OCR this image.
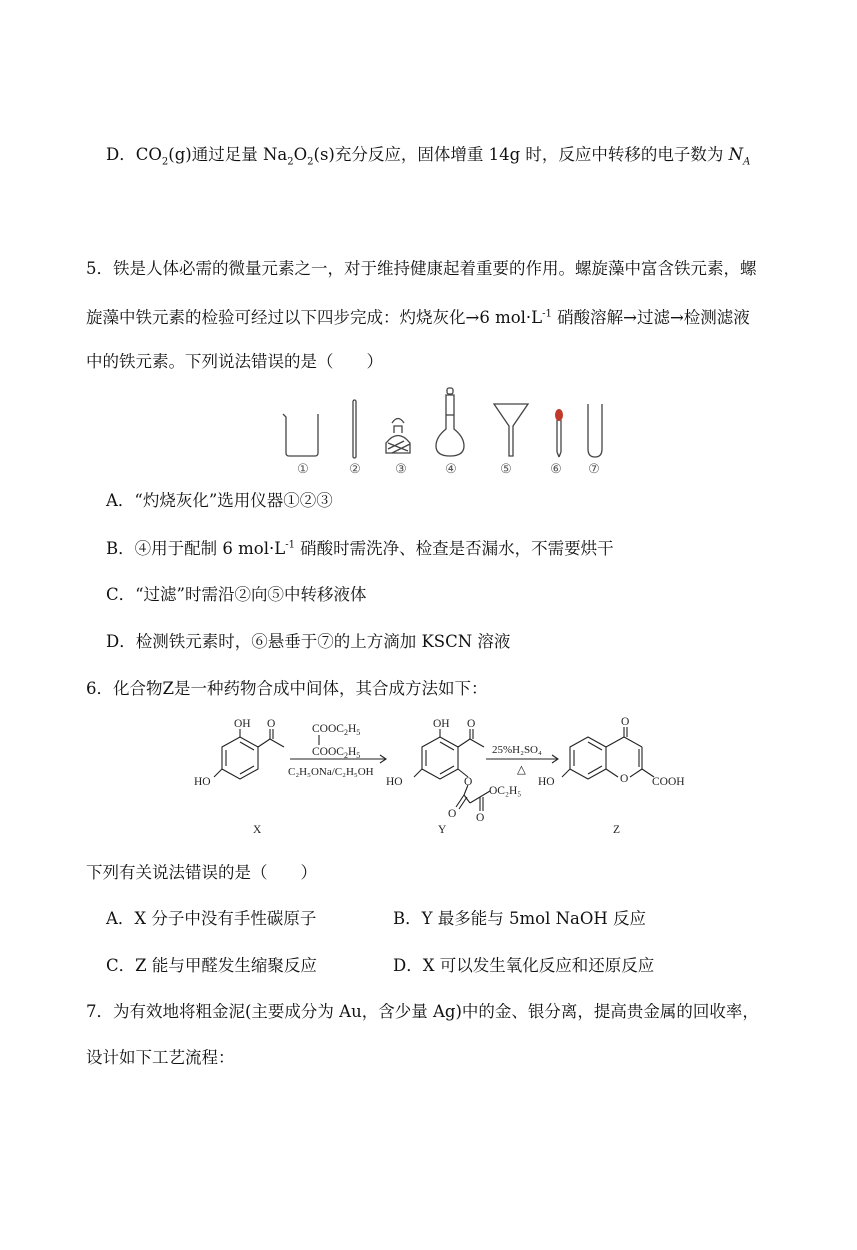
D．$CO_2(g)$通过足量 $Na_2O_2(s)$充分反应，固体增重 14g 时，反应中转移的电子数为 $N_A$
5．铁是人体必需的微量元素之一，对于维持健康起着重要的作用。螺旋藻中富含铁元素，螺
旋藻中铁元素的检验可经过以下四步完成：灼烧灰化→6 $mol\cdot L^{-1}$ 硝酸溶解→过滤→检测滤液
中的铁元素。下列说法错误的是（　　）
①	②	③	④	⑤	⑥ ⑦
A．“灼烧灰化”选用仪器①②③
B．④用于配制 6 $mol\cdot L^{-1}$ 硝酸时需洗净、检查是否漏水，不需要烘干
C．“过滤”时需沿②向⑤中转移液体
D．检测铁元素时，⑥悬垂于⑦的上方滴加 KSCN 溶液
6．化合物Z是一种药物合成中间体，其合成方法如下：
OH O
HO
X
$COOC_2H_5$
$COOC_2H_5$
C₂H₅ONa/C₂H₅OH
OH O
HO	O
O O
OC₂H₅
Y
25%H₂SO₄
△
O
HO	O COOH
Z
下列有关说法错误的是（　　）
A．X 分子中没有手性碳原子	B．Y 最多能与 5mol NaOH 反应
C．Z 能与甲醛发生缩聚反应	D．X 可以发生氧化反应和还原反应
7．为有效地将粗金泥(主要成分为 Au，含少量 Ag)中的金、银分离，提高贵金属的回收率，
设计如下工艺流程：
